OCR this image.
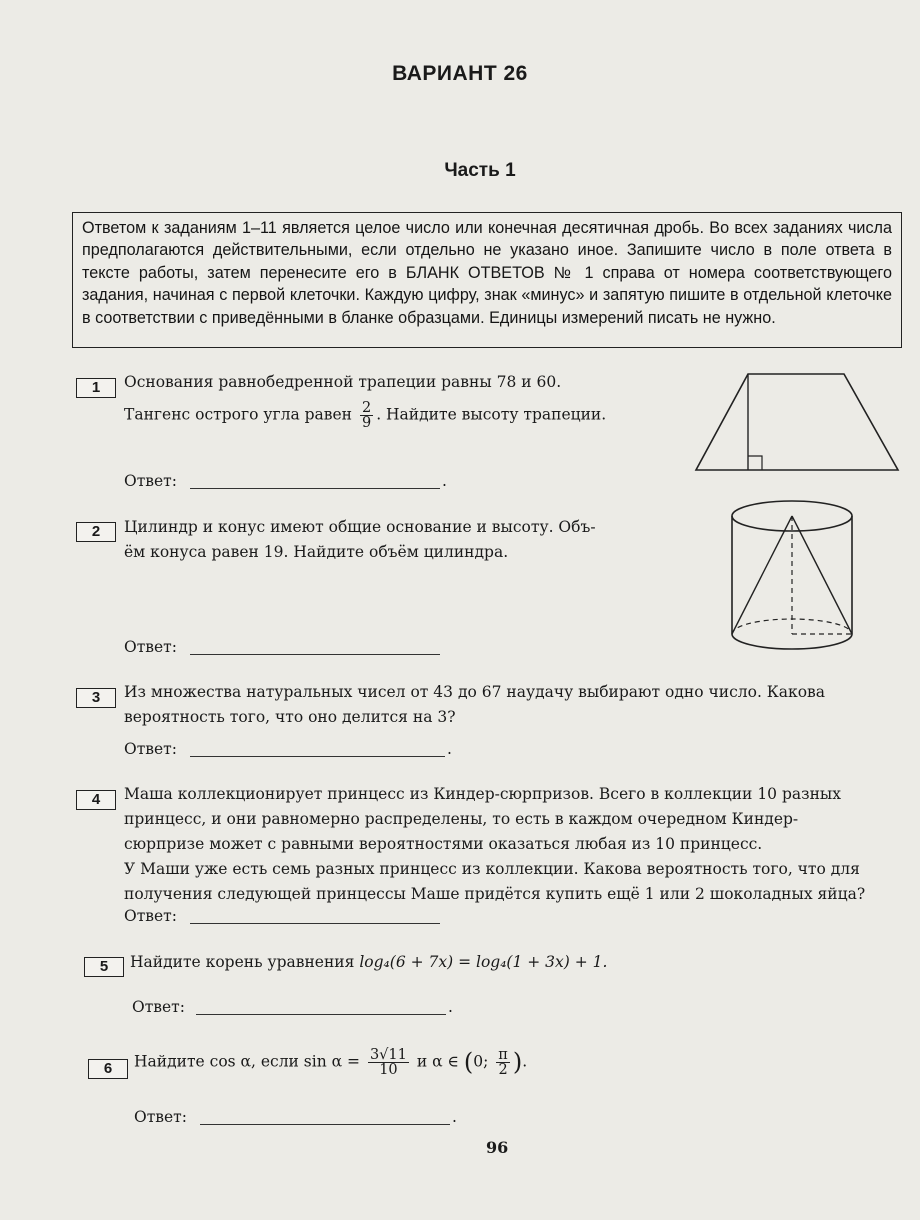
ВАРИАНТ 26
Часть 1
Ответом к заданиям 1–11 является целое число или конечная десятичная дробь. Во всех заданиях числа предполагаются действительными, если отдельно не указано иное. Запишите число в поле ответа в тексте работы, затем перенесите его в БЛАНК ОТВЕТОВ № 1 справа от номера соответствующего задания, начиная с первой клеточки. Каждую цифру, знак «минус» и запятую пишите в отдельной клеточке в соответствии с приведёнными в бланке образцами. Единицы измерений писать не нужно.
1	Основания равнобедренной трапеции равны 78 и 60.
Тангенс острого угла равен $\frac{2}{9}$ . Найдите высоту трапеции.
Ответ:	.
2	Цилиндр и конус имеют общие основание и высоту. Объ-
ём конуса равен 19. Найдите объём цилиндра.
Ответ:
3	Из множества натуральных чисел от 43 до 67 наудачу выбирают одно число. Какова
вероятность того, что оно делится на 3?
Ответ:	.
4	Маша коллекционирует принцесс из Киндер-сюрпризов. Всего в коллекции 10 разных
принцесс, и они равномерно распределены, то есть в каждом очередном Киндер-
сюрпризе может с равными вероятностями оказаться любая из 10 принцесс.
У Маши уже есть семь разных принцесс из коллекции. Какова вероятность того, что для
получения следующей принцессы Маше придётся купить ещё 1 или 2 шоколадных яйца?
Ответ:
5	Найдите корень уравнения log₄(6 + 7x) = log₄(1 + 3x) + 1.
Ответ:	.
6	Найдите cos α, если $\sin \alpha = \frac{3√11}{10}$ и α ∈ (0; $\frac{\pi}{2}$ ).
Ответ:	.
96
